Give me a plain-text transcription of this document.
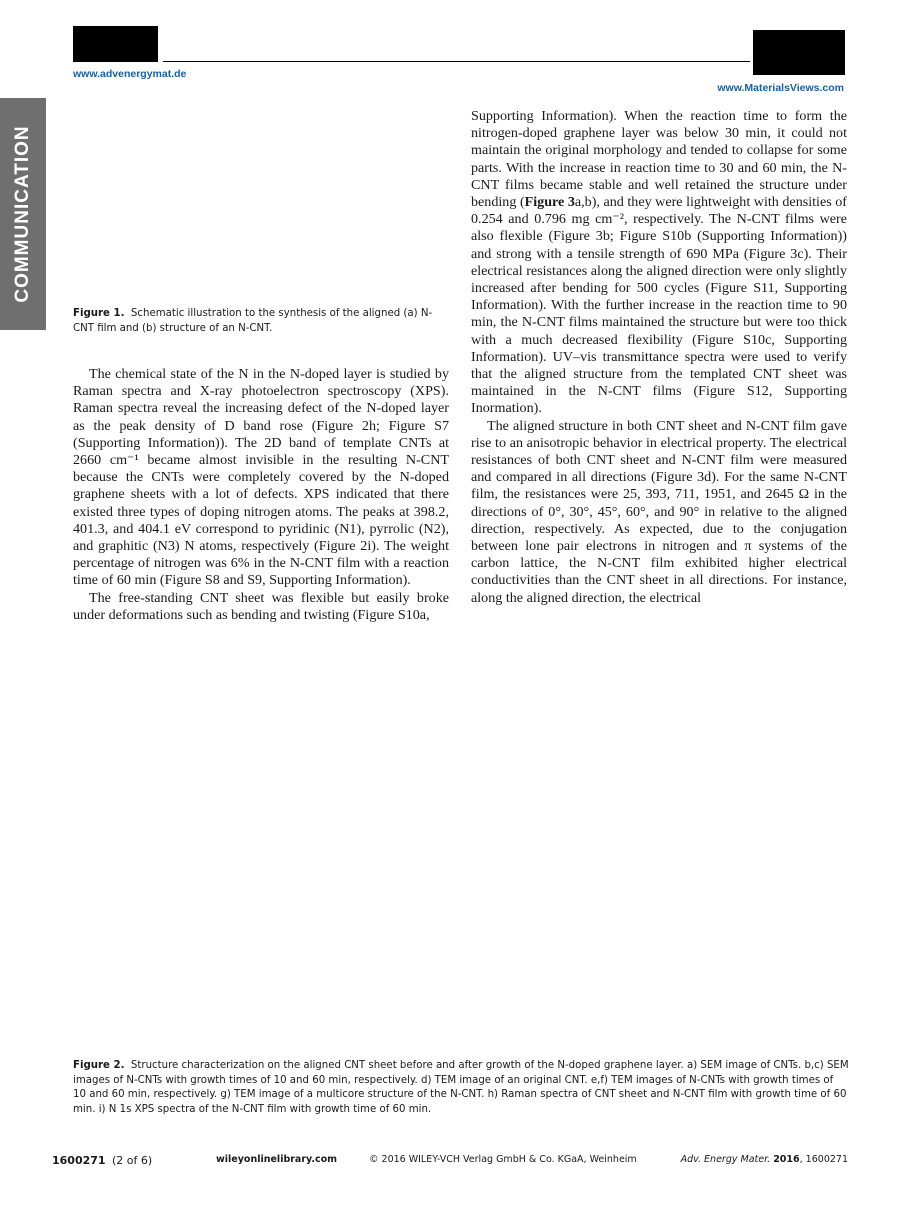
www.advenergymat.de
www.MaterialsViews.com
COMMUNICATION
Figure 1. Schematic illustration to the synthesis of the aligned (a) N-CNT film and (b) structure of an N-CNT.

The chemical state of the N in the N-doped layer is studied by Raman spectra and X-ray photoelectron spectroscopy (XPS). Raman spectra reveal the increasing defect of the N-doped layer as the peak density of D band rose (Figure 2h; Figure S7 (Supporting Information)). The 2D band of template CNTs at 2660 cm⁻¹ became almost invisible in the resulting N-CNT because the CNTs were completely covered by the N-doped graphene sheets with a lot of defects. XPS indicated that there existed three types of doping nitrogen atoms. The peaks at 398.2, 401.3, and 404.1 eV correspond to pyridinic (N1), pyrrolic (N2), and graphitic (N3) N atoms, respectively (Figure 2i). The weight percentage of nitrogen was 6% in the N-CNT film with a reaction time of 60 min (Figure S8 and S9, Supporting Information).

The free-standing CNT sheet was flexible but easily broke under deformations such as bending and twisting (Figure S10a,

Supporting Information). When the reaction time to form the nitrogen-doped graphene layer was below 30 min, it could not maintain the original morphology and tended to collapse for some parts. With the increase in reaction time to 30 and 60 min, the N-CNT films became stable and well retained the structure under bending (Figure 3a,b), and they were lightweight with densities of 0.254 and 0.796 mg cm⁻², respectively. The N-CNT films were also flexible (Figure 3b; Figure S10b (Supporting Information)) and strong with a tensile strength of 690 MPa (Figure 3c). Their electrical resistances along the aligned direction were only slightly increased after bending for 500 cycles (Figure S11, Supporting Information). With the further increase in the reaction time to 90 min, the N-CNT films maintained the structure but were too thick with a much decreased flexibility (Figure S10c, Supporting Information). UV–vis transmittance spectra were used to verify that the aligned structure from the templated CNT sheet was maintained in the N-CNT films (Figure S12, Supporting Inormation).

The aligned structure in both CNT sheet and N-CNT film gave rise to an anisotropic behavior in electrical property. The electrical resistances of both CNT sheet and N-CNT film were measured and compared in all directions (Figure 3d). For the same N-CNT film, the resistances were 25, 393, 711, 1951, and 2645 Ω in the directions of 0°, 30°, 45°, 60°, and 90° in relative to the aligned direction, respectively. As expected, due to the conjugation between lone pair electrons in nitrogen and π systems of the carbon lattice, the N-CNT film exhibited higher electrical conductivities than the CNT sheet in all directions. For instance, along the aligned direction, the electrical

Figure 2. Structure characterization on the aligned CNT sheet before and after growth of the N-doped graphene layer. a) SEM image of CNTs. b,c) SEM images of N-CNTs with growth times of 10 and 60 min, respectively. d) TEM image of an original CNT. e,f) TEM images of N-CNTs with growth times of 10 and 60 min, respectively. g) TEM image of a multicore structure of the N-CNT. h) Raman spectra of CNT sheet and N-CNT film with growth time of 60 min. i) N 1s XPS spectra of the N-CNT film with growth time of 60 min.
1600271 (2 of 6)	wileyonlinelibrary.com	© 2016 WILEY-VCH Verlag GmbH & Co. KGaA, Weinheim	Adv. Energy Mater. 2016, 1600271
